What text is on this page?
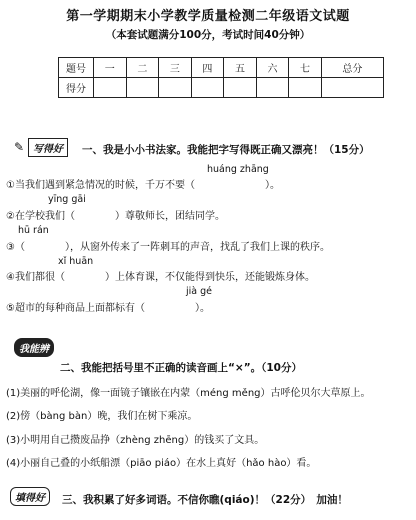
第一学期期末小学教学质量检测二年级语文试题
（本套试题满分100分，考试时间40分钟）
题号	一	二	三	四	五	六	七	总分
得分								
✎ 写得好	一、我是小小书法家。我能把字写得既正确又漂亮！（15分）
huáng zhāng
①当我们遇到紧急情况的时候，千万不要（　　　　　　　）。
yīng gāi
②在学校我们（　　　　）尊敬师长，团结同学。
hū rán
③（　　　　），从窗外传来了一阵刺耳的声音，找乱了我们上课的秩序。
xǐ huān
④我们都很（　　　　）上体育课，不仅能得到快乐，还能锻炼身体。
jià gé
⑤超市的每种商品上面都标有（　　　　　）。
我能辨
二、我能把括号里不正确的读音画上“×”。（10分）
(1)美丽的呼伦湖，像一面镜子镶嵌在内蒙（méng měng）古呼伦贝尔大草原上。
(2)傍（bàng bàn）晚，我们在树下乘凉。
(3)小明用自己攒废品挣（zhèng zhēng）的钱买了文具。
(4)小丽自己叠的小纸船漂（piāo piáo）在水上真好（hǎo hào）看。
填得好	三、我积累了好多词语。不信你瞧(qiáo)！（22分）　加油！
